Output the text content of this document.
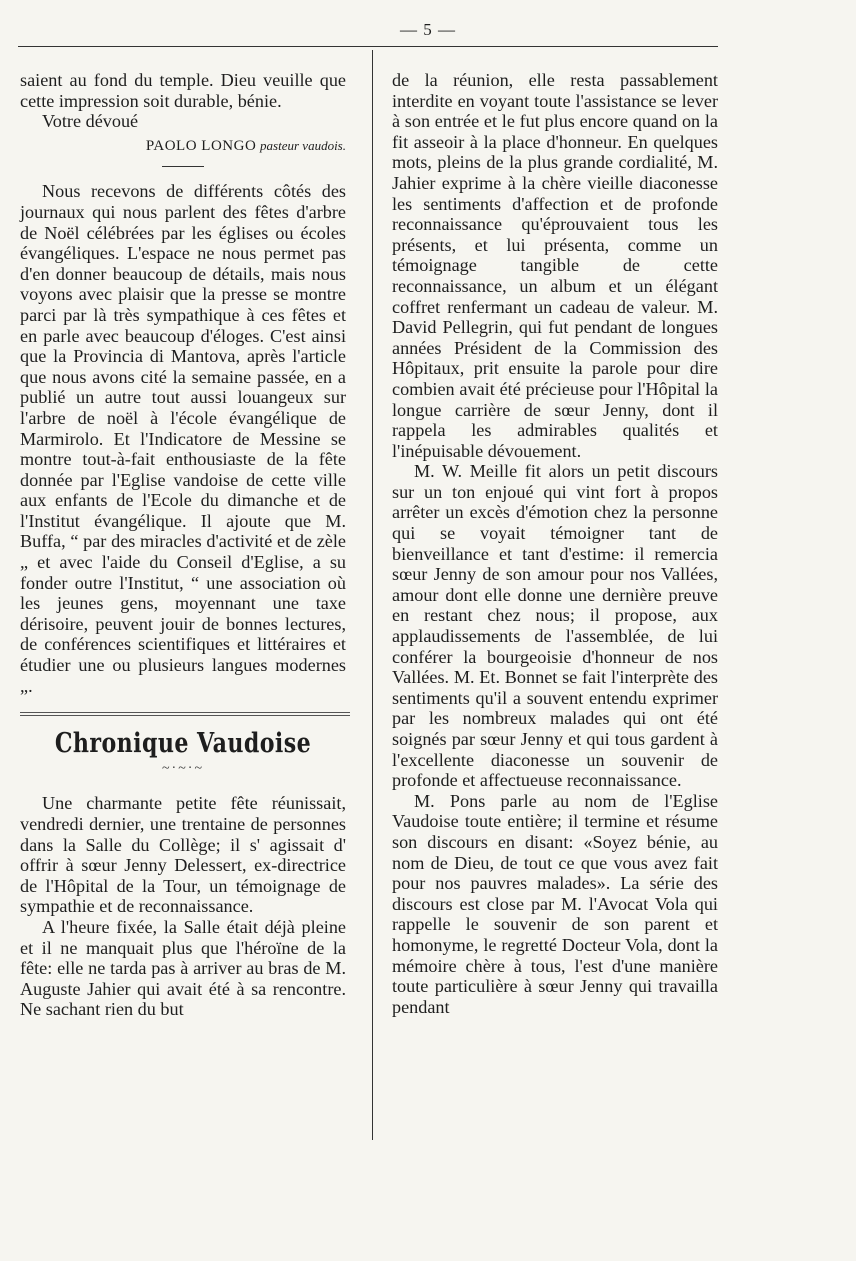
— 5 —

saient au fond du temple. Dieu veuille que cette impression soit durable, bénie.

Votre dévoué

PAOLO LONGO pasteur vaudois.

Nous recevons de différents côtés des journaux qui nous parlent des fêtes d'arbre de Noël célébrées par les églises ou écoles évangéliques. L'espace ne nous permet pas d'en donner beaucoup de détails, mais nous voyons avec plaisir que la presse se montre parci par là très sympathique à ces fêtes et en parle avec beaucoup d'éloges. C'est ainsi que la Provincia di Mantova, après l'article que nous avons cité la semaine passée, en a publié un autre tout aussi louangeux sur l'arbre de noël à l'école évangélique de Marmirolo. Et l'Indicatore de Messine se montre tout-à-fait enthousiaste de la fête donnée par l'Eglise vandoise de cette ville aux enfants de l'Ecole du dimanche et de l'Institut évangélique. Il ajoute que M. Buffa, “ par des miracles d'activité et de zèle „ et avec l'aide du Conseil d'Eglise, a su fonder outre l'Institut, “ une association où les jeunes gens, moyennant une taxe dérisoire, peuvent jouir de bonnes lectures, de conférences scientifiques et littéraires et étudier une ou plusieurs langues modernes „.

Chronique Vaudoise
~·~·~

Une charmante petite fête réunissait, vendredi dernier, une trentaine de personnes dans la Salle du Collège; il s' agissait d' offrir à sœur Jenny Delessert, ex-directrice de l'Hôpital de la Tour, un témoignage de sympathie et de reconnaissance.

A l'heure fixée, la Salle était déjà pleine et il ne manquait plus que l'héroïne de la fête: elle ne tarda pas à arriver au bras de M. Auguste Jahier qui avait été à sa rencontre. Ne sachant rien du but

de la réunion, elle resta passablement interdite en voyant toute l'assistance se lever à son entrée et le fut plus encore quand on la fit asseoir à la place d'honneur. En quelques mots, pleins de la plus grande cordialité, M. Jahier exprime à la chère vieille diaconesse les sentiments d'affection et de profonde reconnaissance qu'éprouvaient tous les présents, et lui présenta, comme un témoignage tangible de cette reconnaissance, un album et un élégant coffret renfermant un cadeau de valeur. M. David Pellegrin, qui fut pendant de longues années Président de la Commission des Hôpitaux, prit ensuite la parole pour dire combien avait été précieuse pour l'Hôpital la longue carrière de sœur Jenny, dont il rappela les admirables qualités et l'inépuisable dévouement.

M. W. Meille fit alors un petit discours sur un ton enjoué qui vint fort à propos arrêter un excès d'émotion chez la personne qui se voyait témoigner tant de bienveillance et tant d'estime: il remercia sœur Jenny de son amour pour nos Vallées, amour dont elle donne une dernière preuve en restant chez nous; il propose, aux applaudissements de l'assemblée, de lui conférer la bourgeoisie d'honneur de nos Vallées. M. Et. Bonnet se fait l'interprète des sentiments qu'il a souvent entendu exprimer par les nombreux malades qui ont été soignés par sœur Jenny et qui tous gardent à l'excellente diaconesse un souvenir de profonde et affectueuse reconnaissance.

M. Pons parle au nom de l'Eglise Vaudoise toute entière; il termine et résume son discours en disant: «Soyez bénie, au nom de Dieu, de tout ce que vous avez fait pour nos pauvres malades». La série des discours est close par M. l'Avocat Vola qui rappelle le souvenir de son parent et homonyme, le regretté Docteur Vola, dont la mémoire chère à tous, l'est d'une manière toute particulière à sœur Jenny qui travailla pendant
